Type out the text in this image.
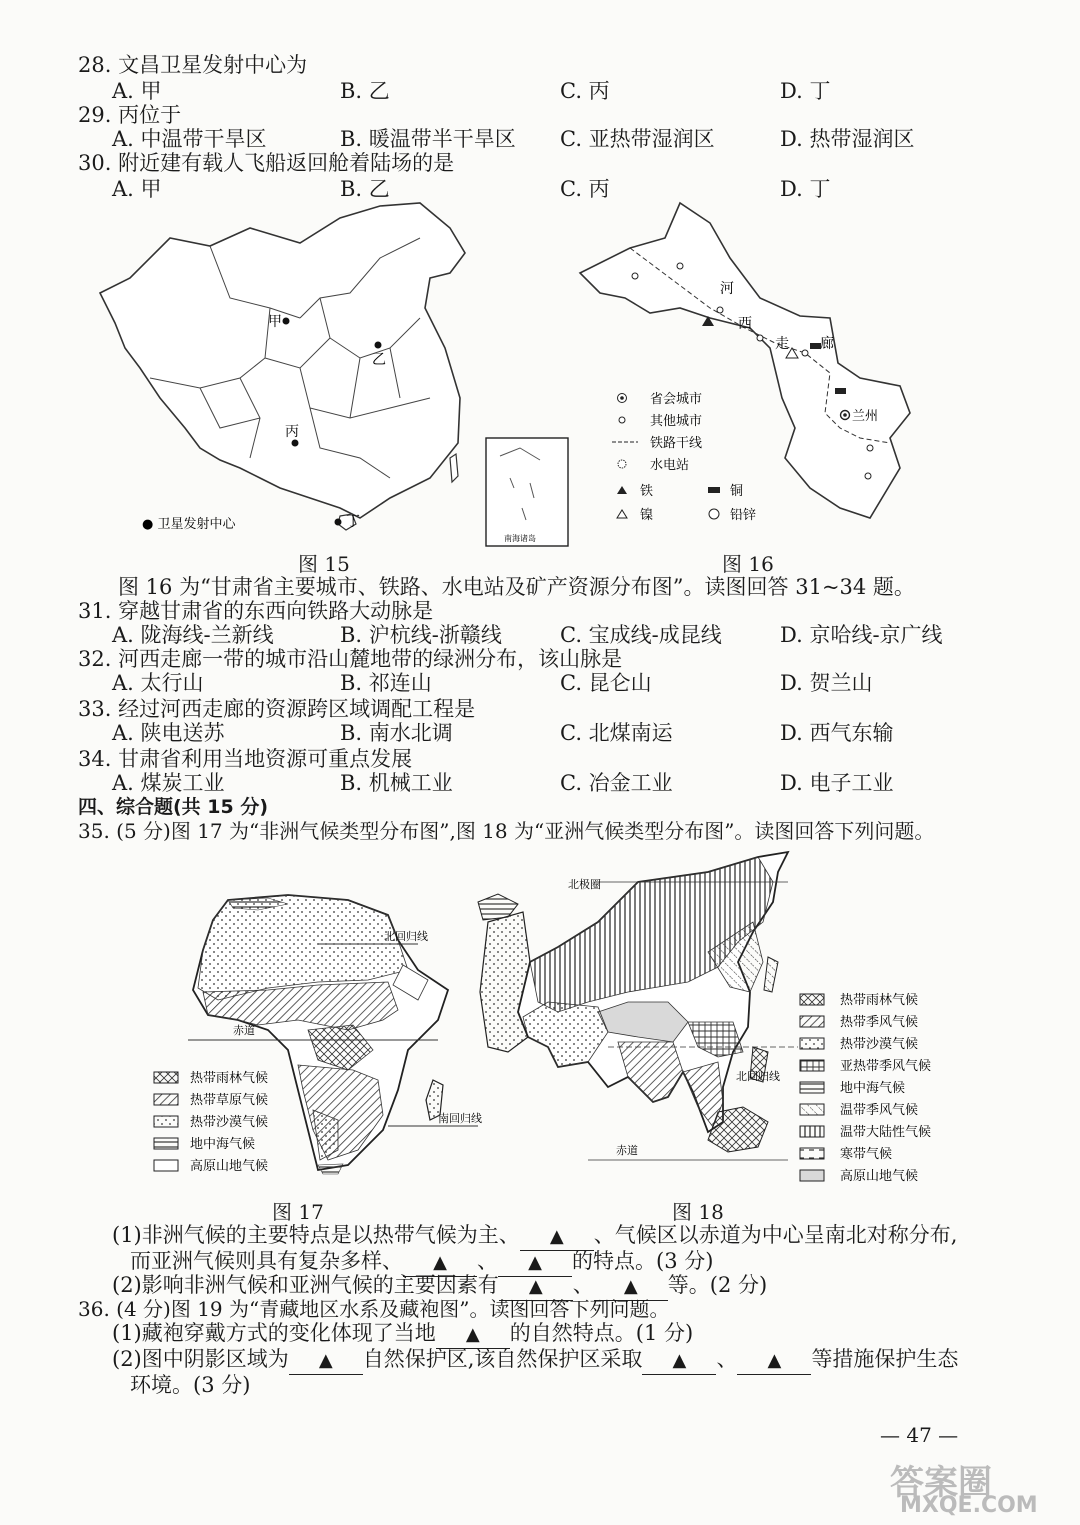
28. 文昌卫星发射中心为
A. 甲	B. 乙	C. 丙	D. 丁
29. 丙位于
A. 中温带干旱区	B. 暖温带半干旱区 C. 亚热带湿润区	D. 热带湿润区
30. 附近建有载人飞船返回舱着陆场的是
A. 甲	B. 乙	C. 丙	D. 丁
甲
乙
丙
丁
● 卫星发射中心
南海诸岛
图 15
河
西
走 廊
兰州
省会城市
其他城市
铁路干线
水电站
铁	铜
镍	铅锌
图 16
图 16 为“甘肃省主要城市、铁路、水电站及矿产资源分布图”。读图回答 31~34 题。
31. 穿越甘肃省的东西向铁路大动脉是
A. 陇海线-兰新线	B. 沪杭线-浙赣线	C. 宝成线-成昆线	D. 京哈线-京广线
32. 河西走廊一带的城市沿山麓地带的绿洲分布，该山脉是
A. 太行山	B. 祁连山	C. 昆仑山	D. 贺兰山
33. 经过河西走廊的资源跨区域调配工程是
A. 陕电送苏	B. 南水北调	C. 北煤南运	D. 西气东输
34. 甘肃省利用当地资源可重点发展
A. 煤炭工业	B. 机械工业	C. 冶金工业	D. 电子工业
四、综合题(共 15 分)
35. (5 分)图 17 为“非洲气候类型分布图”,图 18 为“亚洲气候类型分布图”。读图回答下列问题。
北回归线
赤道
南回归线
热带雨林气候
热带草原气候
热带沙漠气候
地中海气候
高原山地气候
图 17
北极圈
北回归线
赤道
热带雨林气候
热带季风气候
热带沙漠气候
亚热带季风气候
地中海气候
温带季风气候
温带大陆性气候
寒带气候
高原山地气候
图 18
(1)非洲气候的主要特点是以热带气候为主、 ▲ 、气候区以赤道为中心呈南北对称分布,
而亚洲气候则具有复杂多样、 ▲ 、 ▲ 的特点。(3 分)
(2)影响非洲气候和亚洲气候的主要因素有 ▲ 、 ▲ 等。(2 分)
36. (4 分)图 19 为“青藏地区水系及藏袍图”。读图回答下列问题。
(1)藏袍穿戴方式的变化体现了当地 ▲ 的自然特点。(1 分)
(2)图中阴影区域为 ▲ 自然保护区,该自然保护区采取 ▲ 、 ▲ 等措施保护生态
环境。(3 分)
— 47 —
答案圈
MXQE.COM
